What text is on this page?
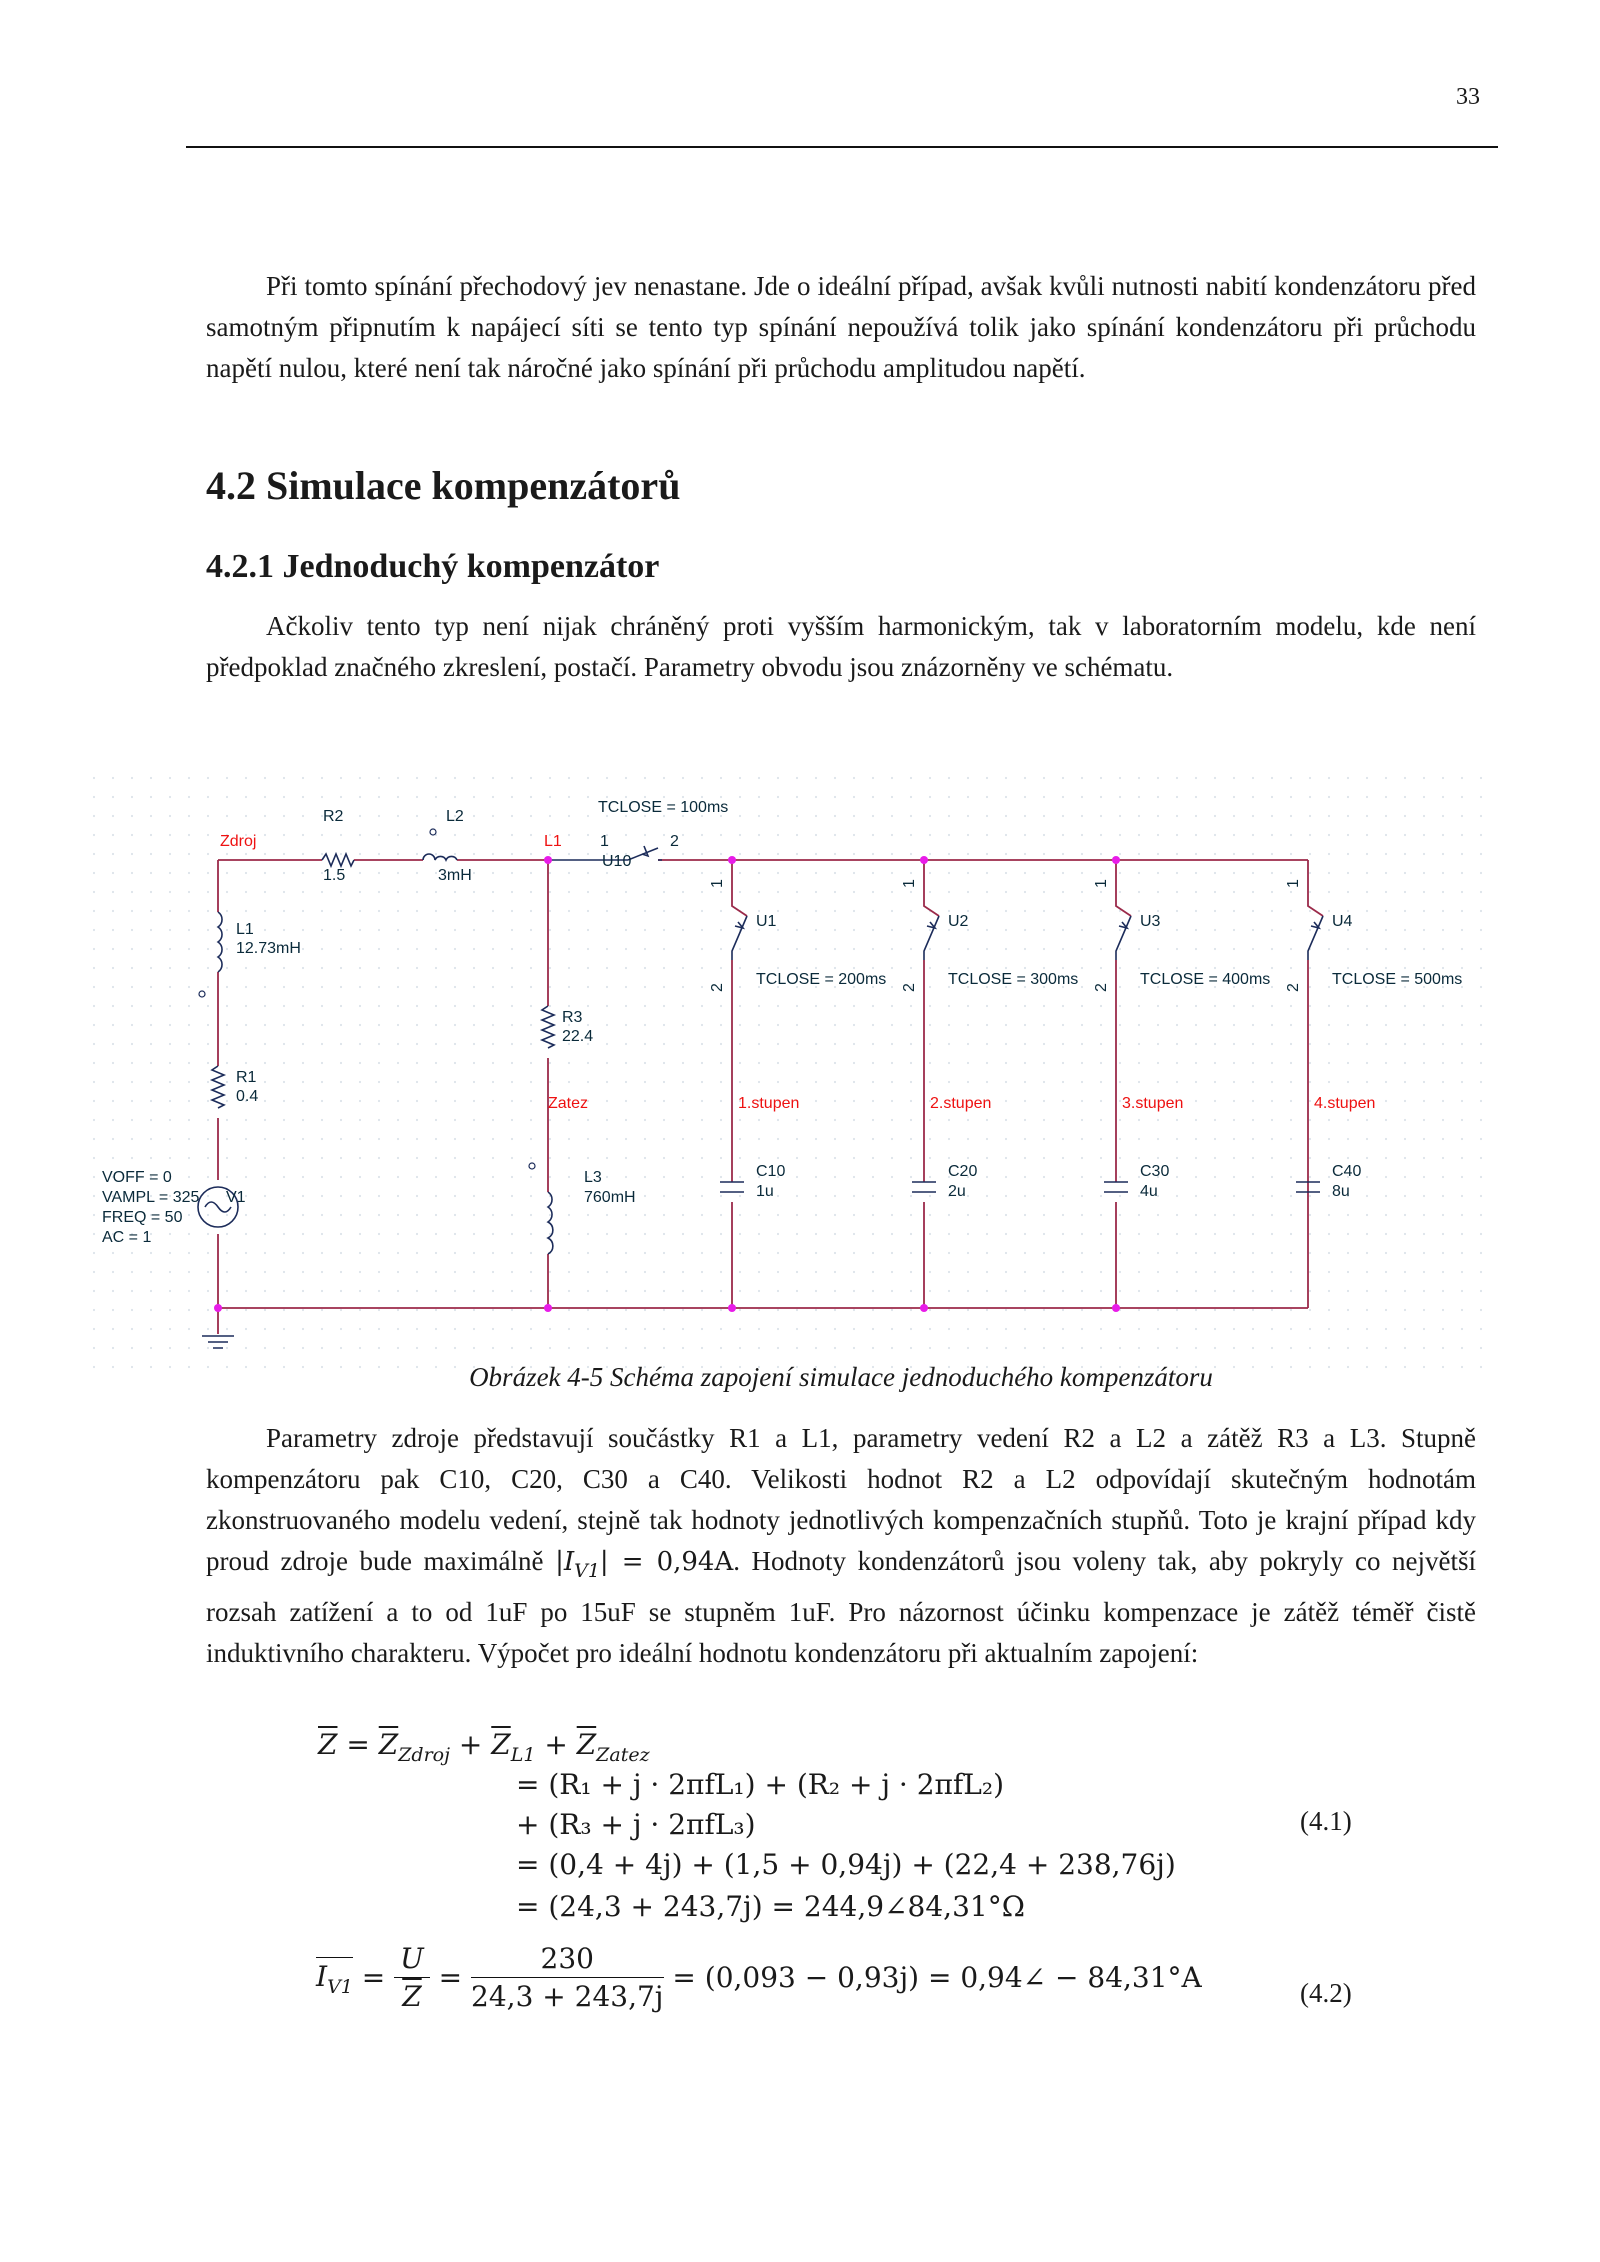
33

Při tomto spínání přechodový jev nenastane. Jde o ideální případ, avšak kvůli nutnosti nabití kondenzátoru před samotným připnutím k napájecí síti se tento typ spínání nepoužívá tolik jako spínání kondenzátoru při průchodu napětí nulou, které není tak náročné jako spínání při průchodu amplitudou napětí.

4.2 Simulace kompenzátorů
4.2.1 Jednoduchý kompenzátor

Ačkoliv tento typ není nijak chráněný proti vyšším harmonickým, tak v laboratorním modelu, kde není předpoklad značného zkreslení, postačí. Parametry obvodu jsou znázorněny ve schématu.

Zdroj
R2
1.5
L2
3mH
L1
TCLOSE = 100ms
1	2
U10
L1
12.73mH
R1
0.4
R3
22.4
Zatez
L3
760mH
VOFF = 0
VAMPL = 325
FREQ = 50
AC = 1
V1
1
2
U1
TCLOSE = 200ms
1.stupen
C10
1u
1
2
U2
TCLOSE = 300ms
2.stupen
C20
2u
1
2
U3
TCLOSE = 400ms
3.stupen
C30
4u
1
2
U4
TCLOSE = 500ms
4.stupen
C40
8u
Obrázek 4-5 Schéma zapojení simulace jednoduchého kompenzátoru

Parametry zdroje představují součástky R1 a L1, parametry vedení R2 a L2 a zátěž R3 a L3. Stupně kompenzátoru pak C10, C20, C30 a C40. Velikosti hodnot R2 a L2 odpovídají skutečným hodnotám zkonstruovaného modelu vedení, stejně tak hodnoty jednotlivých kompenzačních stupňů. Toto je krajní případ kdy proud zdroje bude maximálně $|I_{V1}| = 0,94A$. Hodnoty kondenzátorů jsou voleny tak, aby pokryly co největší rozsah zatížení a to od 1uF po 15uF se stupněm 1uF. Pro názornost účinku kompenzace je zátěž téměř čistě induktivního charakteru. Výpočet pro ideální hodnotu kondenzátoru při aktualním zapojení:

$\overline{Z} = \overline{Z}_{Zdroj} + \overline{Z}_{L1} + \overline{Z}_{Zatez}$
= (R₁ + j · 2πfL₁) + (R₂ + j · 2πfL₂)
+ (R₃ + j · 2πfL₃)
= (0,4 + 4j) + (1,5 + 0,94j) + (22,4 + 238,76j)
= (24,3 + 243,7j) = 244,9∠84,31°Ω
(4.1)
$I_{V1} = \frac{U}{Z} = \frac{230}{24,3 + 243,7j} = (0,093 - 0,93j)$ = 0,94∠ − 84,31°A	(4.2)
